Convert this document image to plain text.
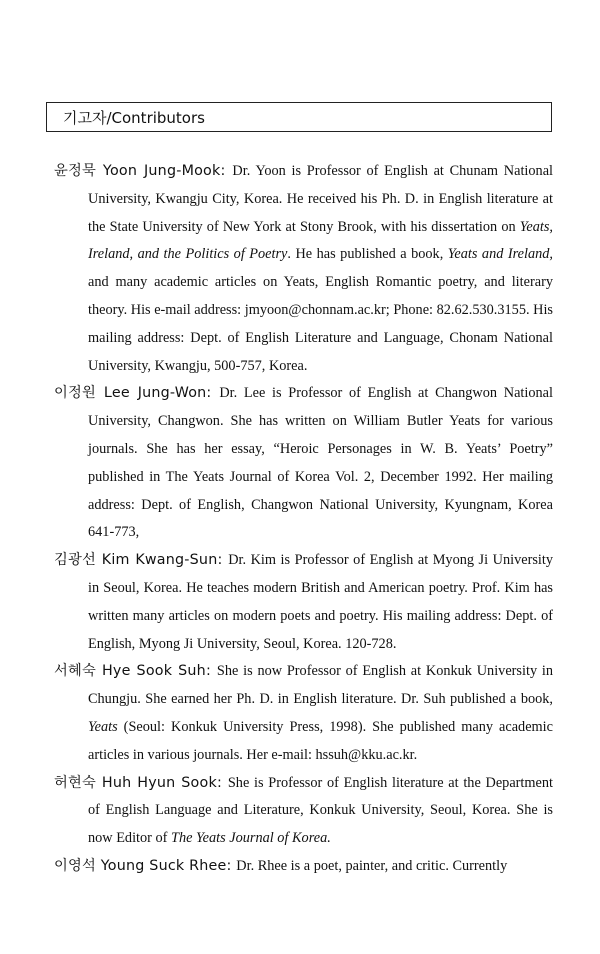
기고자/Contributors
윤정묵 Yoon Jung-Mook: Dr. Yoon is Professor of English at Chunam National University, Kwangju City, Korea. He received his Ph. D. in English literature at the State University of New York at Stony Brook, with his dissertation on Yeats, Ireland, and the Politics of Poetry. He has published a book, Yeats and Ireland, and many academic articles on Yeats, English Romantic poetry, and literary theory. His e-mail address: jmyoon@chonnam.ac.kr; Phone: 82.62.530.3155. His mailing address: Dept. of English Literature and Language, Chonam National University, Kwangju, 500-757, Korea.
이정원 Lee Jung-Won: Dr. Lee is Professor of English at Changwon National University, Changwon. She has written on William Butler Yeats for various journals. She has her essay, “Heroic Personages in W. B. Yeats’ Poetry” published in The Yeats Journal of Korea Vol. 2, December 1992. Her mailing address: Dept. of English, Changwon National University, Kyungnam, Korea 641-773,
김광선 Kim Kwang-Sun: Dr. Kim is Professor of English at Myong Ji University in Seoul, Korea. He teaches modern British and American poetry. Prof. Kim has written many articles on modern poets and poetry. His mailing address: Dept. of English, Myong Ji University, Seoul, Korea. 120-728.
서혜숙 Hye Sook Suh: She is now Professor of English at Konkuk University in Chungju. She earned her Ph. D. in English literature. Dr. Suh published a book, Yeats (Seoul: Konkuk University Press, 1998). She published many academic articles in various journals. Her e-mail: hssuh@kku.ac.kr.
허현숙 Huh Hyun Sook: She is Professor of English literature at the Department of English Language and Literature, Konkuk University, Seoul, Korea. She is now Editor of The Yeats Journal of Korea.
이영석 Young Suck Rhee: Dr. Rhee is a poet, painter, and critic. Currently
